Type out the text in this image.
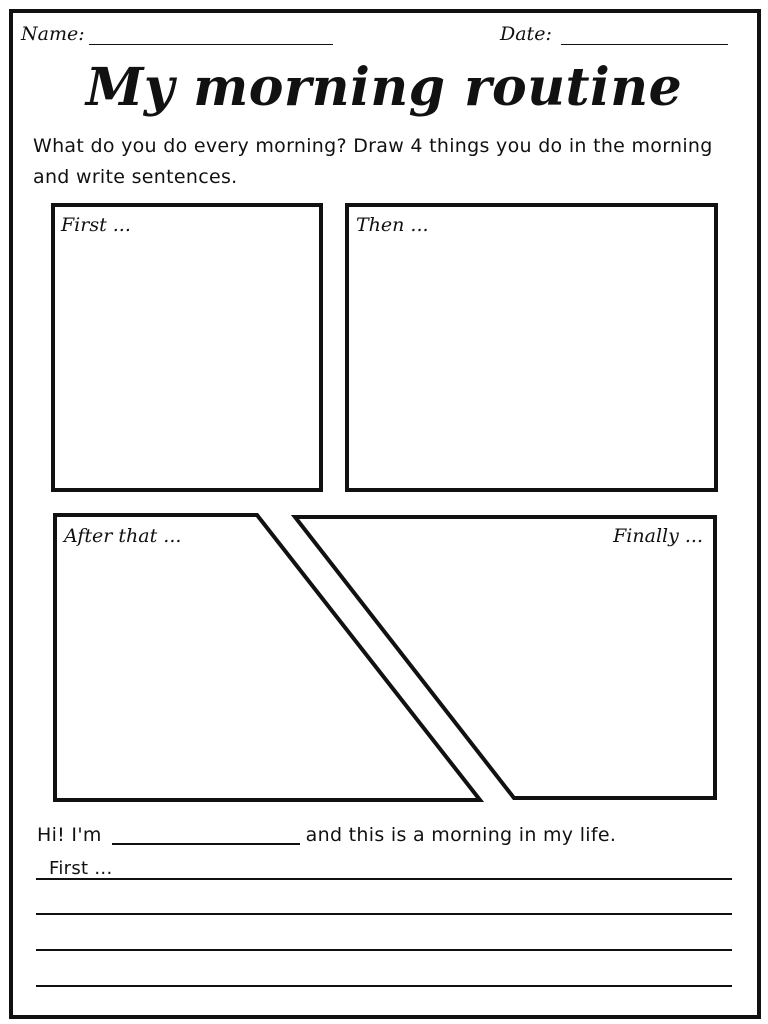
Name:	Date:
My morning routine
What do you do every morning? Draw 4 things you do in the morning and write sentences.
First ...	Then ...
After that ...	Finally ...
Hi! I'm	and this is a morning in my life.
First ...
